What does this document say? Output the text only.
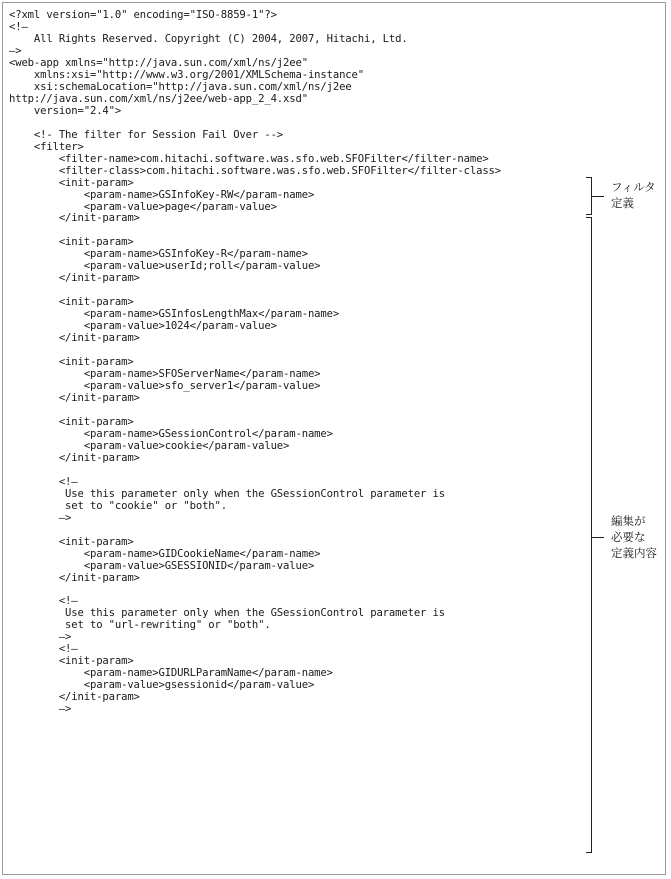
<?xml version="1.0" encoding="ISO-8859-1"?>
<!—
All Rights Reserved. Copyright (C) 2004, 2007, Hitachi, Ltd.
—>
<web-app xmlns="http://java.sun.com/xml/ns/j2ee"
xmlns:xsi="http://www.w3.org/2001/XMLSchema-instance"
xsi:schemaLocation="http://java.sun.com/xml/ns/j2ee
http://java.sun.com/xml/ns/j2ee/web-app_2_4.xsd"
version="2.4">

<!- The filter for Session Fail Over -->
<filter>
<filter-name>com.hitachi.software.was.sfo.web.SFOFilter</filter-name>
<filter-class>com.hitachi.software.was.sfo.web.SFOFilter</filter-class>
<init-param>
<param-name>GSInfoKey-RW</param-name>
<param-value>page</param-value>
</init-param>

<init-param>
<param-name>GSInfoKey-R</param-name>
<param-value>userId;roll</param-value>
</init-param>

<init-param>
<param-name>GSInfosLengthMax</param-name>
<param-value>1024</param-value>
</init-param>

<init-param>
<param-name>SFOServerName</param-name>
<param-value>sfo_server1</param-value>
</init-param>

<init-param>
<param-name>GSessionControl</param-name>
<param-value>cookie</param-value>
</init-param>

<!—
Use this parameter only when the GSessionControl parameter is
set to "cookie" or "both".
—>

<init-param>
<param-name>GIDCookieName</param-name>
<param-value>GSESSIONID</param-value>
</init-param>

<!—
Use this parameter only when the GSessionControl parameter is
set to "url-rewriting" or "both".
—>
<!—
<init-param>
<param-name>GIDURLParamName</param-name>
<param-value>gsessionid</param-value>
</init-param>
—>
フィルタ
定義
編集が
必要な
定義内容
